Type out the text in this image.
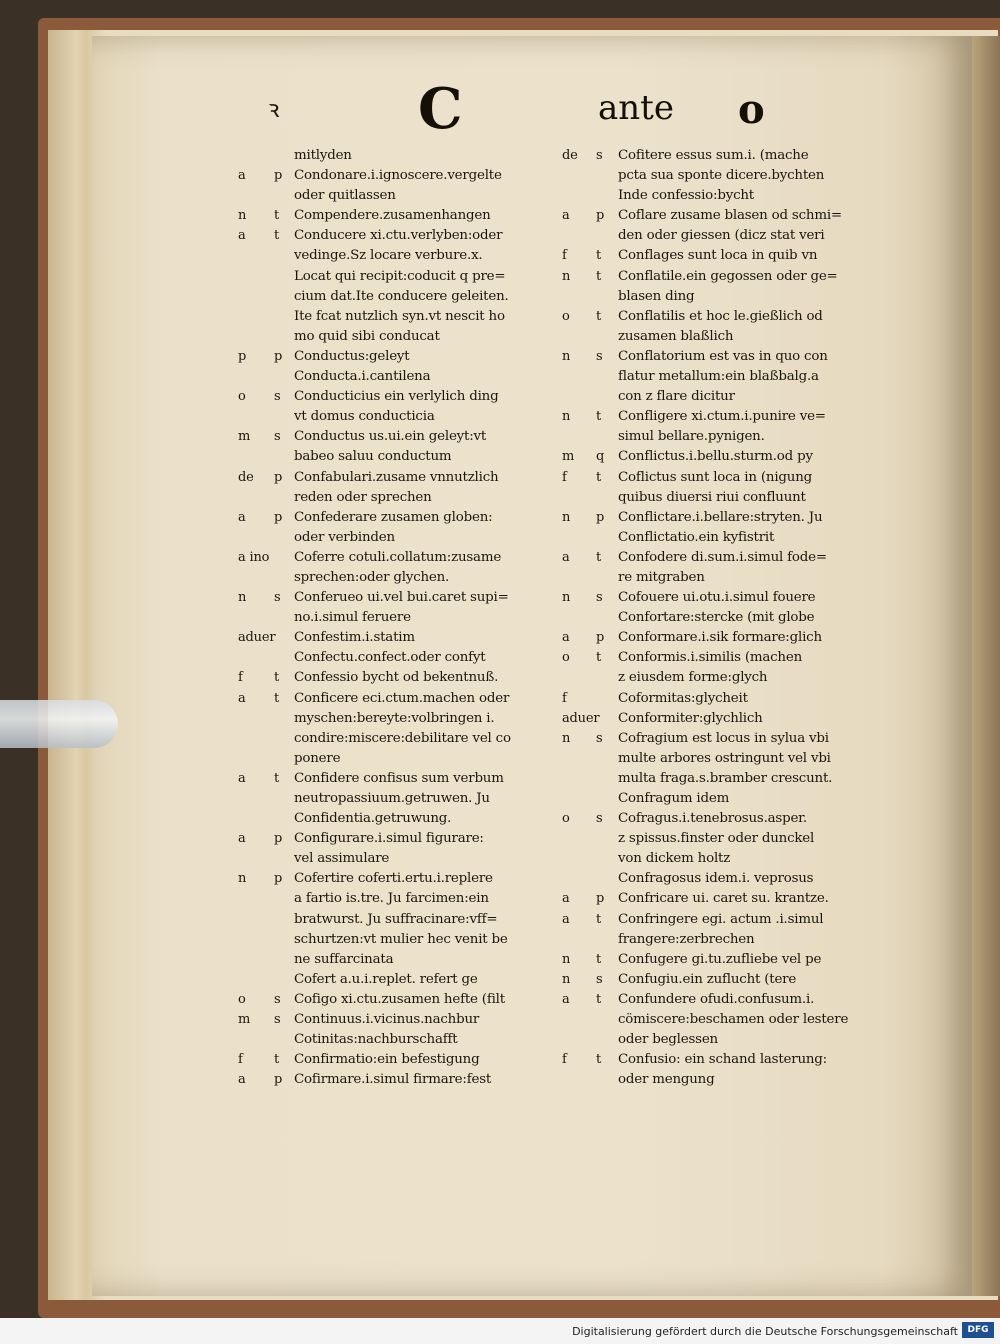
ꝛ C	ante o
mitlyden
a	p Condonare.i.ignoscere.vergelte
oder quitlassen
n	t	Compendere.zusamenhangen
a	t	Conducere xi.ctu.verlyben:oder
vedinge.Sz locare verbure.x.
Locat qui recipit:coducit q pre=
cium dat.Ite conducere geleiten.
Ite fcat nutzlich syn.vt nescit ho
mo quid sibi conducat
p	p Conductus:geleyt
Conducta.i.cantilena
o	s	Conducticius ein verlylich ding
vt domus conducticia
m	s	Conductus us.ui.ein geleyt:vt
babeo saluu conductum
de	p Confabulari.zusame vnnutzlich
reden oder sprechen
a	p Confederare zusamen globen:
oder verbinden
a ino Coferre cotuli.collatum:zusame
sprechen:oder glychen.
n	s	Conferueo ui.vel bui.caret supi=
no.i.simul feruere
aduer Confestim.i.statim
Confectu.confect.oder confyt
f	t	Confessio bycht od bekentnuß.
a	t	Conficere eci.ctum.machen oder
myschen:bereyte:volbringen i.
condire:miscere:debilitare vel co
ponere
a	t	Confidere confisus sum verbum
neutropassiuum.getruwen. Ju
Confidentia.getruwung.
a	p Configurare.i.simul figurare:
vel assimulare
n	p Cofertire coferti.ertu.i.replere
a fartio is.tre. Ju farcimen:ein
bratwurst. Ju suffracinare:vff=
schurtzen:vt mulier hec venit be
ne suffarcinata
Cofert a.u.i.replet. refert ge
o	s	Cofigo xi.ctu.zusamen hefte (filt
m	s	Continuus.i.vicinus.nachbur
Cotinitas:nachburschafft
f	t	Confirmatio:ein befestigung
a	p Cofirmare.i.simul firmare:fest
de	s	Cofitere essus sum.i. (mache
pcta sua sponte dicere.bychten
Inde confessio:bycht
a	p	Coflare zusame blasen od schmi=
den oder giessen (dicz stat veri
f	t	Conflages sunt loca in quib vn
n	t	Conflatile.ein gegossen oder ge=
blasen ding
o	t	Conflatilis et hoc le.gießlich od
zusamen blaßlich
n	s	Conflatorium est vas in quo con
flatur metallum:ein blaßbalg.a
con z flare dicitur
n	t	Confligere xi.ctum.i.punire ve=
simul bellare.pynigen.
m	q	Conflictus.i.bellu.sturm.od py
f	t	Coflictus sunt loca in (nigung
quibus diuersi riui confluunt
n	p	Conflictare.i.bellare:stryten. Ju
Conflictatio.ein kyfistrit
a	t	Confodere di.sum.i.simul fode=
re mitgraben
n	s	Cofouere ui.otu.i.simul fouere
Confortare:stercke (mit globe
a	p	Conformare.i.sik formare:glich
o	t	Conformis.i.similis (machen
z eiusdem forme:glych
f	Coformitas:glycheit
aduer Conformiter:glychlich
n	s	Cofragium est locus in sylua vbi
multe arbores ostringunt vel vbi
multa fraga.s.bramber crescunt.
Confragum idem
o	s	Cofragus.i.tenebrosus.asper.
z spissus.finster oder dunckel
von dickem holtz
Confragosus idem.i. veprosus
a	p	Confricare ui. caret su. krantze.
a	t	Confringere egi. actum .i.simul
frangere:zerbrechen
n	t	Confugere gi.tu.zufliebe vel pe
n	s	Confugiu.ein zuflucht (tere
a	t	Confundere ofudi.confusum.i.
cömiscere:beschamen oder lestere
oder beglessen
f	t	Confusio: ein schand lasterung:
oder mengung
Digitalisierung gefördert durch die Deutsche Forschungsgemeinschaft	DFG
